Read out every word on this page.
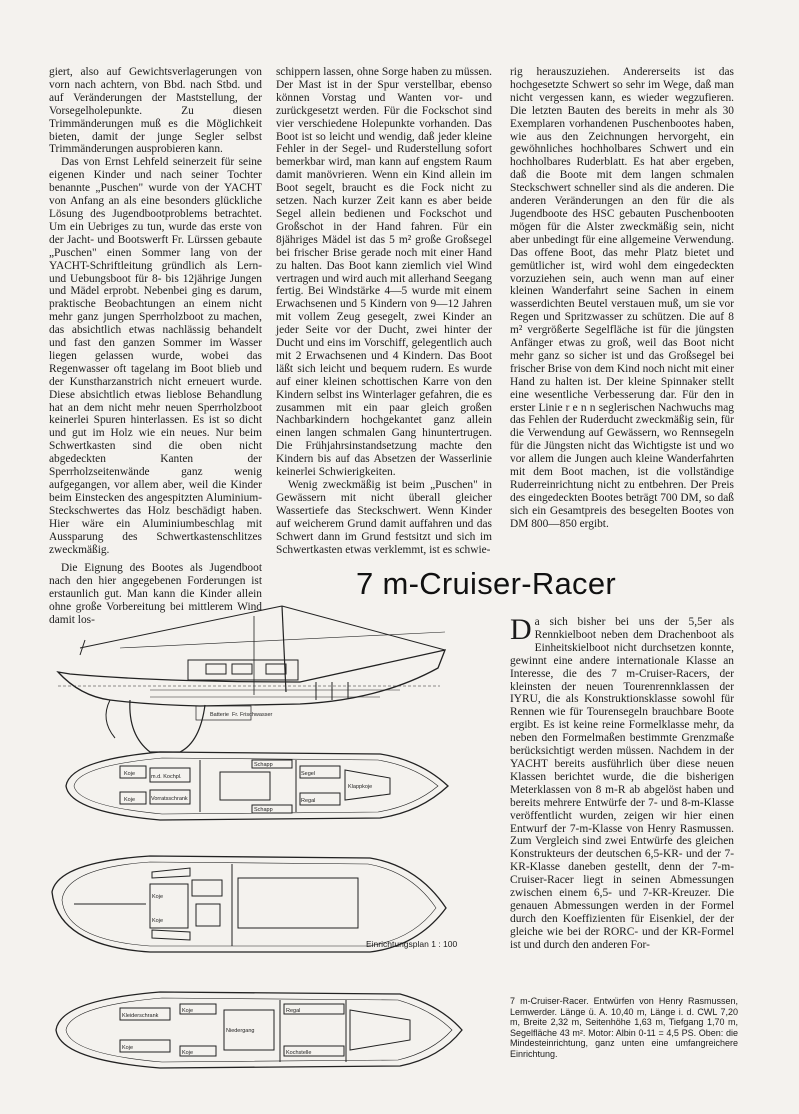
giert, also auf Gewichtsverlagerungen von vorn nach achtern, von Bbd. nach Stbd. und auf Veränderungen der Maststellung, der Vorsegelholepunkte. Zu diesen Trimmänderungen muß es die Möglichkeit bieten, damit der junge Segler selbst Trimmänderungen ausprobieren kann.

Das von Ernst Lehfeld seinerzeit für seine eigenen Kinder und nach seiner Tochter benannte „Puschen" wurde von der YACHT von Anfang an als eine besonders glückliche Lösung des Jugendbootproblems betrachtet. Um ein Uebriges zu tun, wurde das erste von der Jacht- und Bootswerft Fr. Lürssen gebaute „Puschen" einen Sommer lang von der YACHT-Schriftleitung gründlich als Lern- und Uebungsboot für 8- bis 12jährige Jungen und Mädel erprobt. Nebenbei ging es darum, praktische Beobachtungen an einem nicht mehr ganz jungen Sperrholzboot zu machen, das absichtlich etwas nachlässig behandelt und fast den ganzen Sommer im Wasser liegen gelassen wurde, wobei das Regenwasser oft tagelang im Boot blieb und der Kunstharzanstrich nicht erneuert wurde. Diese absichtlich etwas lieblose Behandlung hat an dem nicht mehr neuen Sperrholzboot keinerlei Spuren hinterlassen. Es ist so dicht und gut im Holz wie ein neues. Nur beim Schwertkasten sind die oben nicht abgedeckten Kanten der Sperrholzseitenwände ganz wenig aufgegangen, vor allem aber, weil die Kinder beim Einstecken des angespitzten Aluminium-Steckschwertes das Holz beschädigt haben. Hier wäre ein Aluminiumbeschlag mit Aussparung des Schwertkastenschlitzes zweckmäßig.

Die Eignung des Bootes als Jugendboot nach den hier angegebenen Forderungen ist erstaunlich gut. Man kann die Kinder allein ohne große Vorbereitung bei mittlerem Wind damit los-

schippern lassen, ohne Sorge haben zu müssen. Der Mast ist in der Spur verstellbar, ebenso können Vorstag und Wanten vor- und zurückgesetzt werden. Für die Fockschot sind vier verschiedene Holepunkte vorhanden. Das Boot ist so leicht und wendig, daß jeder kleine Fehler in der Segel- und Ruderstellung sofort bemerkbar wird, man kann auf engstem Raum damit manövrieren. Wenn ein Kind allein im Boot segelt, braucht es die Fock nicht zu setzen. Nach kurzer Zeit kann es aber beide Segel allein bedienen und Fockschot und Großschot in der Hand fahren. Für ein 8jähriges Mädel ist das 5 m² große Großsegel bei frischer Brise gerade noch mit einer Hand zu halten. Das Boot kann ziemlich viel Wind vertragen und wird auch mit allerhand Seegang fertig. Bei Windstärke 4—5 wurde mit einem Erwachsenen und 5 Kindern von 9—12 Jahren mit vollem Zeug gesegelt, zwei Kinder an jeder Seite vor der Ducht, zwei hinter der Ducht und eins im Vorschiff, gelegentlich auch mit 2 Erwachsenen und 4 Kindern. Das Boot läßt sich leicht und bequem rudern. Es wurde auf einer kleinen schottischen Karre von den Kindern selbst ins Winterlager gefahren, die es zusammen mit ein paar gleich großen Nachbarkindern hochgekantet ganz allein einen langen schmalen Gang hinuntertrugen. Die Frühjahrsinstandsetzung machte den Kindern bis auf das Absetzen der Wasserlinie keinerlei Schwierigkeiten.

Wenig zweckmäßig ist beim „Puschen" in Gewässern mit nicht überall gleicher Wassertiefe das Steckschwert. Wenn Kinder auf weicherem Grund damit auffahren und das Schwert dann im Grund festsitzt und sich im Schwertkasten etwas verklemmt, ist es schwie-

rig herauszuziehen. Andererseits ist das hochgesetzte Schwert so sehr im Wege, daß man nicht vergessen kann, es wieder wegzufieren. Die letzten Bauten des bereits in mehr als 30 Exemplaren vorhandenen Puschenbootes haben, wie aus den Zeichnungen hervorgeht, ein gewöhnliches hochholbares Schwert und ein hochholbares Ruderblatt. Es hat aber ergeben, daß die Boote mit dem langen schmalen Steckschwert schneller sind als die anderen. Die anderen Veränderungen an den für die als Jugendboote des HSC gebauten Puschenbooten mögen für die Alster zweckmäßig sein, nicht aber unbedingt für eine allgemeine Verwendung. Das offene Boot, das mehr Platz bietet und gemütlicher ist, wird wohl dem eingedeckten vorzuziehen sein, auch wenn man auf einer kleinen Wanderfahrt seine Sachen in einem wasserdichten Beutel verstauen muß, um sie vor Regen und Spritzwasser zu schützen. Die auf 8 m² vergrößerte Segelfläche ist für die jüngsten Anfänger etwas zu groß, weil das Boot nicht mehr ganz so sicher ist und das Großsegel bei frischer Brise von dem Kind noch nicht mit einer Hand zu halten ist. Der kleine Spinnaker stellt eine wesentliche Verbesserung dar. Für den in erster Linie r e n n seglerischen Nachwuchs mag das Fehlen der Ruderducht zweckmäßig sein, für die Verwendung auf Gewässern, wo Rennsegeln für die Jüngsten nicht das Wichtigste ist und wo vor allem die Jungen auch kleine Wanderfahrten mit dem Boot machen, ist die vollständige Ruderreinrichtung nicht zu entbehren. Der Preis des eingedeckten Bootes beträgt 700 DM, so daß sich ein Gesamtpreis des besegelten Bootes von DM 800—850 ergibt.

7 m-Cruiser-Racer

Da sich bisher bei uns der 5,5er als Rennkielboot neben dem Drachenboot als Einheitskielboot nicht durchsetzen konnte, gewinnt eine andere internationale Klasse an Interesse, die des 7 m-Cruiser-Racers, der kleinsten der neuen Tourenrennklassen der IYRU, die als Konstruktionsklasse sowohl für Rennen wie für Tourensegeln brauchbare Boote ergibt. Es ist keine reine Formelklasse mehr, da neben den Formelmaßen bestimmte Grenzmaße berücksichtigt werden müssen. Nachdem in der YACHT bereits ausführlich über diese neuen Klassen berichtet wurde, die die bisherigen Meterklassen von 8 m-R ab abgelöst haben und bereits mehrere Entwürfe der 7- und 8-m-Klasse veröffentlicht wurden, zeigen wir hier einen Entwurf der 7-m-Klasse von Henry Rasmussen. Zum Vergleich sind zwei Entwürfe des gleichen Konstrukteurs der deutschen 6,5-KR- und der 7-KR-Klasse daneben gestellt, denn der 7-m-Cruiser-Racer liegt in seinen Abmessungen zwischen einem 6,5- und 7-KR-Kreuzer. Die genauen Abmessungen werden in der Formel durch den Koeffizienten für Eisenkiel, der der gleiche wie bei der RORC- und der KR-Formel ist und durch den anderen For-

Batterie Fr. Frischwasser
Koje	m.d. Kochpl.
Koje	Vorratsschrank
Schapp
Schapp
Klappkoje
Segel
Regal
Koje
Koje
Regal
Kleiderschrank
Koje
Niedergang
Koje
Koje	Kochstelle
Einrichtungsplan 1 : 100
7 m-Cruiser-Racer. Entwürfen von Henry Rasmussen, Lemwerder. Länge ü. A. 10,40 m, Länge i. d. CWL 7,20 m, Breite 2,32 m, Seitenhöhe 1,63 m, Tiefgang 1,70 m, Segelfläche 43 m². Motor: Albin 0-11 = 4,5 PS. Oben: die Mindesteinrichtung, ganz unten eine umfangreichere Einrichtung.
